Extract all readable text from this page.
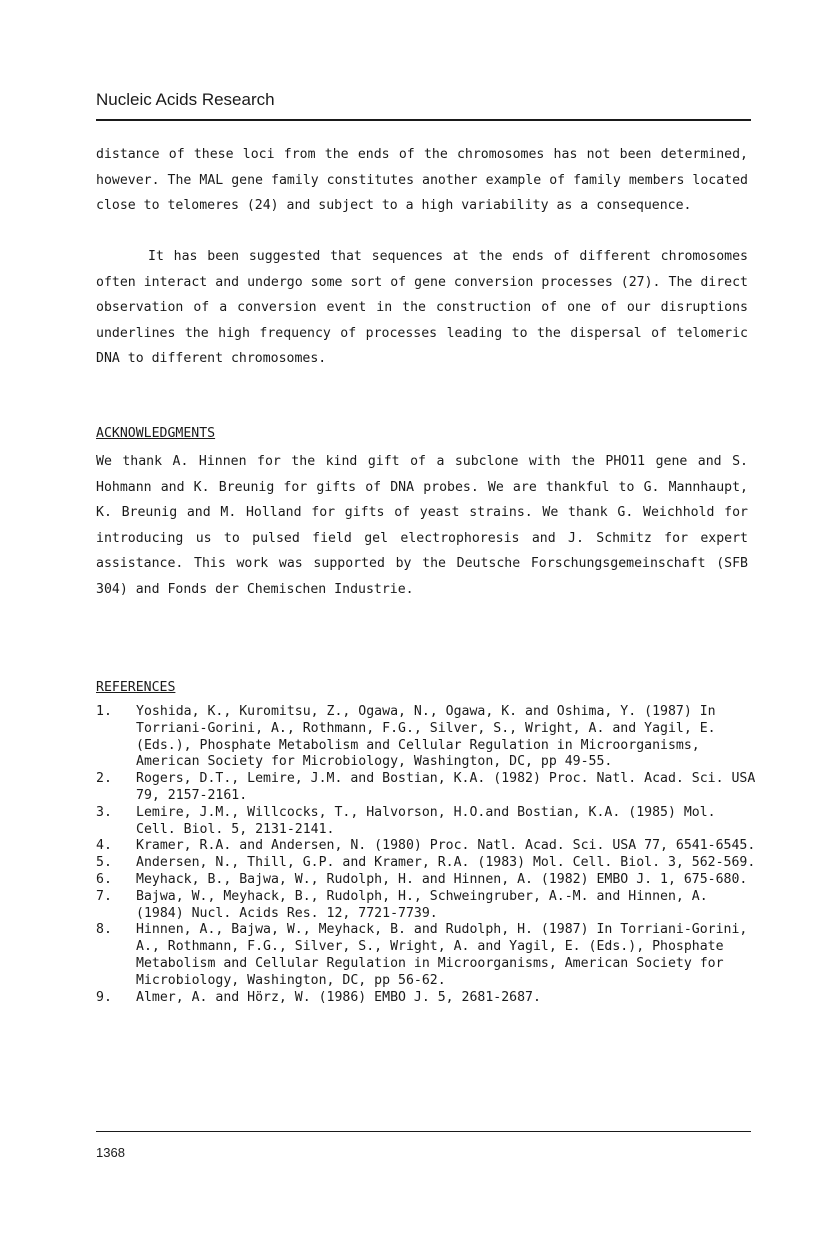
Nucleic Acids Research
distance of these loci from the ends of the chromosomes has not been determined, however. The MAL gene family constitutes another example of family members located close to telomeres (24) and subject to a high variability as a consequence.
It has been suggested that sequences at the ends of different chromosomes often interact and undergo some sort of gene conversion processes (27). The direct observation of a conversion event in the construction of one of our disruptions underlines the high frequency of processes leading to the dispersal of telomeric DNA to different chromosomes.
ACKNOWLEDGMENTS
We thank A. Hinnen for the kind gift of a subclone with the PHO11 gene and S. Hohmann and K. Breunig for gifts of DNA probes. We are thankful to G. Mannhaupt, K. Breunig and M. Holland for gifts of yeast strains. We thank G. Weichhold for introducing us to pulsed field gel electrophoresis and J. Schmitz for expert assistance. This work was supported by the Deutsche Forschungsgemeinschaft (SFB 304) and Fonds der Chemischen Industrie.
REFERENCES
1.	Yoshida, K., Kuromitsu, Z., Ogawa, N., Ogawa, K. and Oshima, Y. (1987) In Torriani-Gorini, A., Rothmann, F.G., Silver, S., Wright, A. and Yagil, E. (Eds.), Phosphate Metabolism and Cellular Regulation in Microorganisms, American Society for Microbiology, Washington, DC, pp 49-55.
2.	Rogers, D.T., Lemire, J.M. and Bostian, K.A. (1982) Proc. Natl. Acad. Sci. USA 79, 2157-2161.
3.	Lemire, J.M., Willcocks, T., Halvorson, H.O.and Bostian, K.A. (1985) Mol. Cell. Biol. 5, 2131-2141.
4.	Kramer, R.A. and Andersen, N. (1980) Proc. Natl. Acad. Sci. USA 77, 6541-6545.
5.	Andersen, N., Thill, G.P. and Kramer, R.A. (1983) Mol. Cell. Biol. 3, 562-569.
6.	Meyhack, B., Bajwa, W., Rudolph, H. and Hinnen, A. (1982) EMBO J. 1, 675-680.
7.	Bajwa, W., Meyhack, B., Rudolph, H., Schweingruber, A.-M. and Hinnen, A. (1984) Nucl. Acids Res. 12, 7721-7739.
8.	Hinnen, A., Bajwa, W., Meyhack, B. and Rudolph, H. (1987) In Torriani-Gorini, A., Rothmann, F.G., Silver, S., Wright, A. and Yagil, E. (Eds.), Phosphate Metabolism and Cellular Regulation in Microorganisms, American Society for Microbiology, Washington, DC, pp 56-62.
9.	Almer, A. and Hörz, W. (1986) EMBO J. 5, 2681-2687.
1368
